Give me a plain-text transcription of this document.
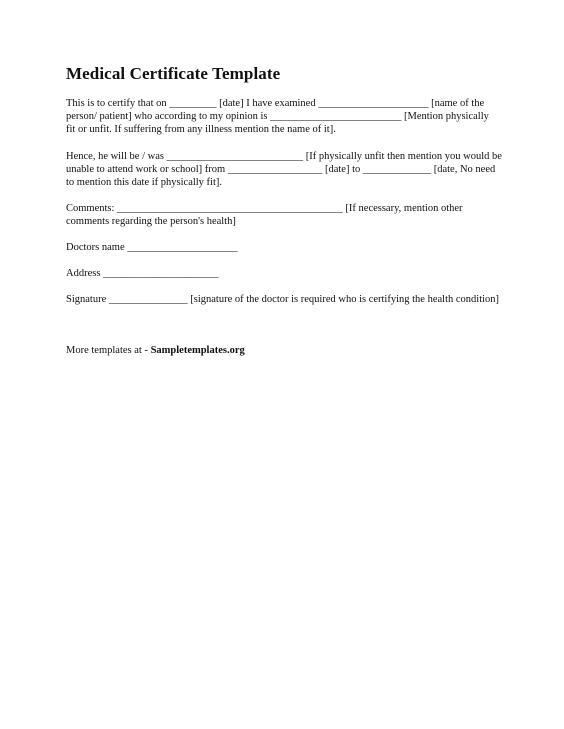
Medical Certificate Template
This is to certify that on _________ [date] I have examined _____________________ [name of the
person/ patient] who according to my opinion is _________________________ [Mention physically
fit or unfit. If suffering from any illness mention the name of it].
Hence, he will be / was __________________________ [If physically unfit then mention you would be
unable to attend work or school] from __________________ [date] to _____________ [date, No need
to mention this date if physically fit].
Comments: ___________________________________________ [If necessary, mention other
comments regarding the person's health]
Doctors name _____________________
Address ______________________
Signature _______________ [signature of the doctor is required who is certifying the health condition]
More templates at - Sampletemplates.org
